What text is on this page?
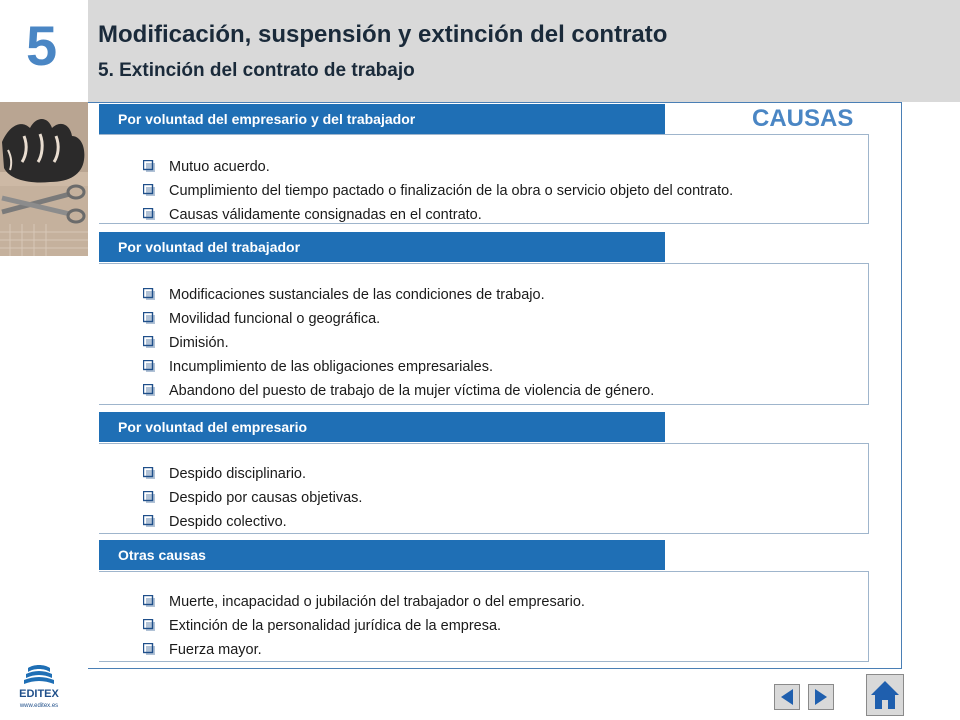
5 Modificación, suspensión y extinción del contrato
5. Extinción del contrato de trabajo
CAUSAS
Mutuo acuerdo.
Cumplimiento del tiempo pactado o finalización de la obra o servicio objeto del contrato.
Causas válidamente consignadas en el contrato.
Por voluntad del empresario y del trabajador
Modificaciones sustanciales de las condiciones de trabajo.
Movilidad funcional o geográfica.
Dimisión.
Incumplimiento de las obligaciones empresariales.
Abandono del puesto de trabajo de la mujer víctima de violencia de género.
Por voluntad del trabajador
Despido disciplinario.
Despido por causas objetivas.
Despido colectivo.
Por voluntad del empresario
Muerte, incapacidad o jubilación del trabajador o del empresario.
Extinción de la personalidad jurídica de la empresa.
Fuerza mayor.
Otras causas
EDITEX
www.editex.es
